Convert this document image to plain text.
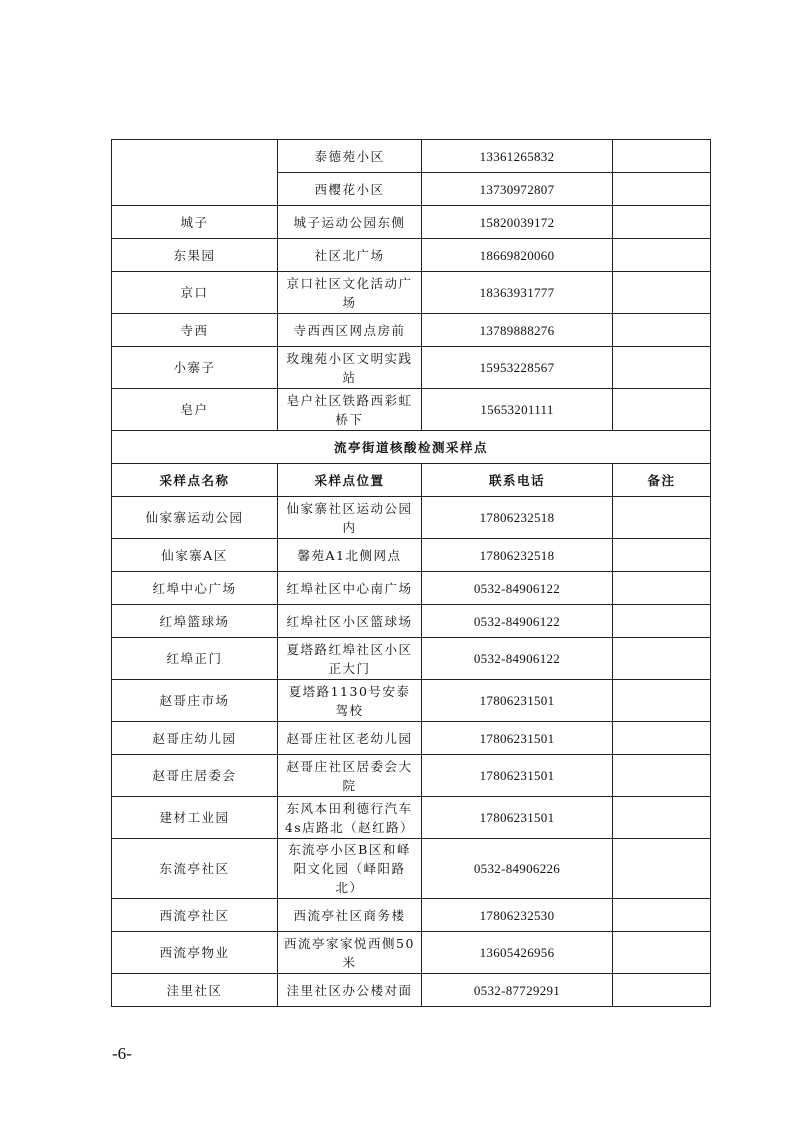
	泰德苑小区	13361265832	
	西樱花小区	13730972807	
城子	城子运动公园东侧	15820039172	
东果园	社区北广场	18669820060	
京口	京口社区文化活动广场	18363931777	
寺西	寺西西区网点房前	13789888276	
小寨子	玫瑰苑小区文明实践站	15953228567	
皂户	皂户社区铁路西彩虹桥下	15653201111	
流亭街道核酸检测采样点			
采样点名称	采样点位置	联系电话	备注
仙家寨运动公园	仙家寨社区运动公园内	17806232518	
仙家寨A区	馨苑A1北侧网点	17806232518	
红埠中心广场	红埠社区中心南广场	0532-84906122	
红埠篮球场	红埠社区小区篮球场	0532-84906122	
红埠正门	夏塔路红埠社区小区正大门	0532-84906122	
赵哥庄市场	夏塔路1130号安泰驾校	17806231501	
赵哥庄幼儿园	赵哥庄社区老幼儿园	17806231501	
赵哥庄居委会	赵哥庄社区居委会大院	17806231501	
建材工业园	东风本田利德行汽车4s店路北（赵红路）	17806231501	
东流亭社区	东流亭小区B区和峄阳文化园（峄阳路北）	0532-84906226	
西流亭社区	西流亭社区商务楼	17806232530	
西流亭物业	西流亭家家悦西侧50米	13605426956	
洼里社区	洼里社区办公楼对面	0532-87729291	
-6-
